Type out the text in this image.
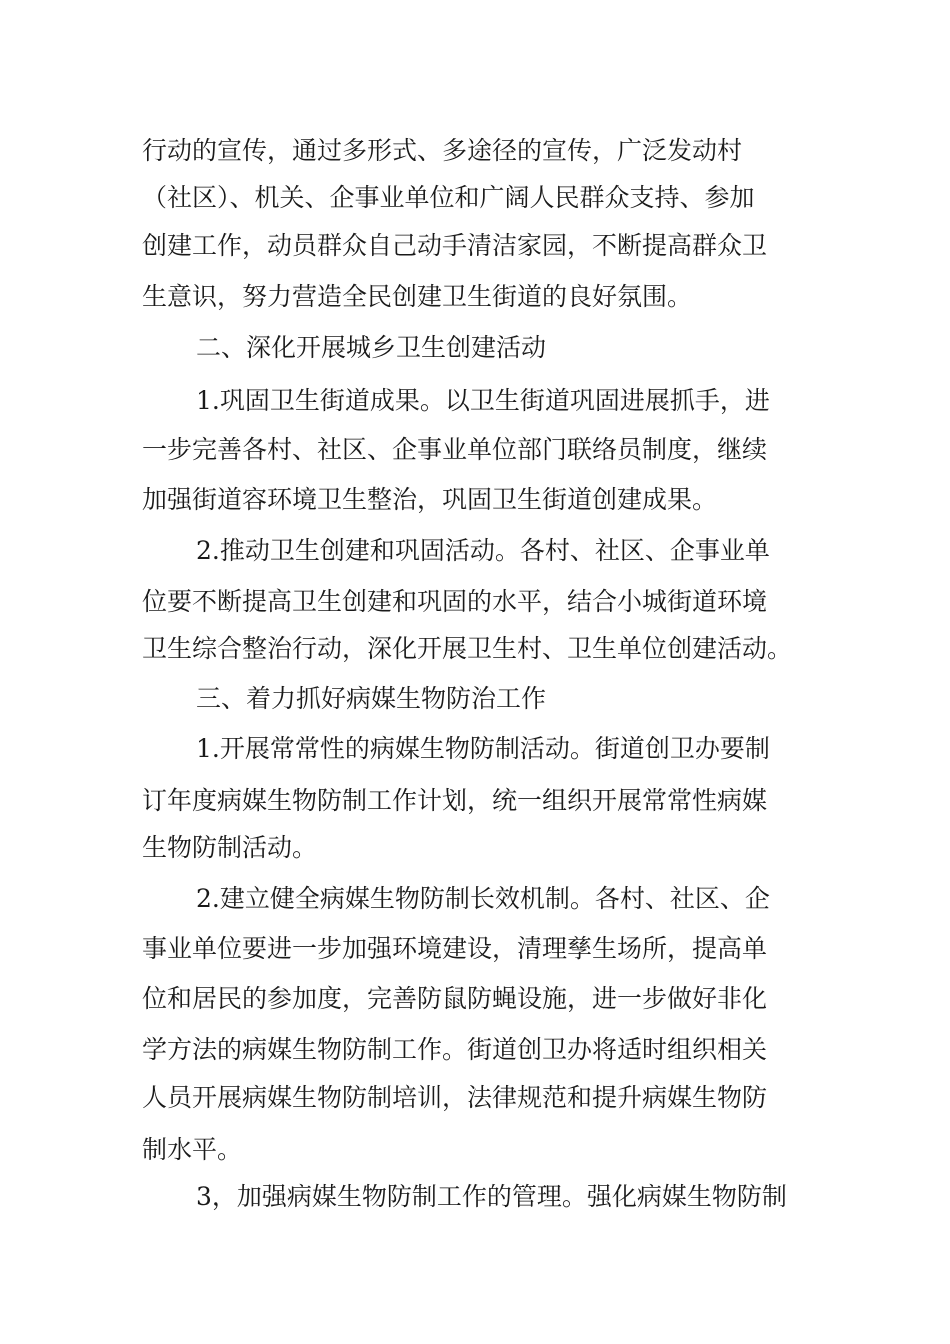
行动的宣传，通过多形式、多途径的宣传，广泛发动村
（社区）、机关、企事业单位和广阔人民群众支持、参加
创建工作，动员群众自己动手清洁家园，不断提高群众卫
生意识，努力营造全民创建卫生街道的良好氛围。
二、深化开展城乡卫生创建活动
1.巩固卫生街道成果。以卫生街道巩固进展抓手，进
一步完善各村、社区、企事业单位部门联络员制度，继续
加强街道容环境卫生整治，巩固卫生街道创建成果。
2.推动卫生创建和巩固活动。各村、社区、企事业单
位要不断提高卫生创建和巩固的水平，结合小城街道环境
卫生综合整治行动，深化开展卫生村、卫生单位创建活动。
三、着力抓好病媒生物防治工作
1.开展常常性的病媒生物防制活动。街道创卫办要制
订年度病媒生物防制工作计划，统一组织开展常常性病媒
生物防制活动。
2.建立健全病媒生物防制长效机制。各村、社区、企
事业单位要进一步加强环境建设，清理孳生场所，提高单
位和居民的参加度，完善防鼠防蝇设施，进一步做好非化
学方法的病媒生物防制工作。街道创卫办将适时组织相关
人员开展病媒生物防制培训，法律规范和提升病媒生物防
制水平。
3，加强病媒生物防制工作的管理。强化病媒生物防制
